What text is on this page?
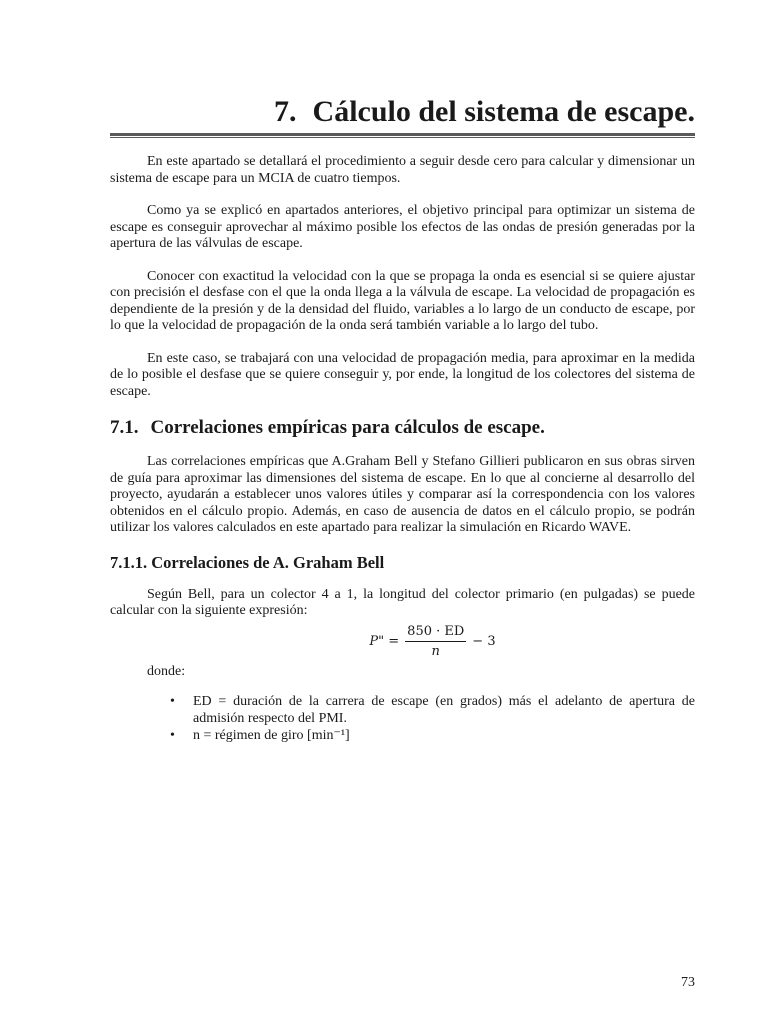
7. Cálculo del sistema de escape.

En este apartado se detallará el procedimiento a seguir desde cero para calcular y dimensionar un sistema de escape para un MCIA de cuatro tiempos.

Como ya se explicó en apartados anteriores, el objetivo principal para optimizar un sistema de escape es conseguir aprovechar al máximo posible los efectos de las ondas de presión generadas por la apertura de las válvulas de escape.

Conocer con exactitud la velocidad con la que se propaga la onda es esencial si se quiere ajustar con precisión el desfase con el que la onda llega a la válvula de escape. La velocidad de propagación es dependiente de la presión y de la densidad del fluido, variables a lo largo de un conducto de escape, por lo que la velocidad de propagación de la onda será también variable a lo largo del tubo.

En este caso, se trabajará con una velocidad de propagación media, para aproximar en la medida de lo posible el desfase que se quiere conseguir y, por ende, la longitud de los colectores del sistema de escape.

7.1. Correlaciones empíricas para cálculos de escape.

Las correlaciones empíricas que A.Graham Bell y Stefano Gillieri publicaron en sus obras sirven de guía para aproximar las dimensiones del sistema de escape. En lo que al concierne al desarrollo del proyecto, ayudarán a establecer unos valores útiles y comparar así la correspondencia con los valores obtenidos en el cálculo propio. Además, en caso de ausencia de datos en el cálculo propio, se podrán utilizar los valores calculados en este apartado para realizar la simulación en Ricardo WAVE.

7.1.1. Correlaciones de A. Graham Bell

Según Bell, para un colector 4 a 1, la longitud del colector primario (en pulgadas) se puede calcular con la siguiente expresión:

P" = $\frac{850 \cdot ED}{n} - 3$

donde:

• ED = duración de la carrera de escape (en grados) más el adelanto de apertura de admisión respecto del PMI.
• n = régimen de giro [min⁻¹]
73
